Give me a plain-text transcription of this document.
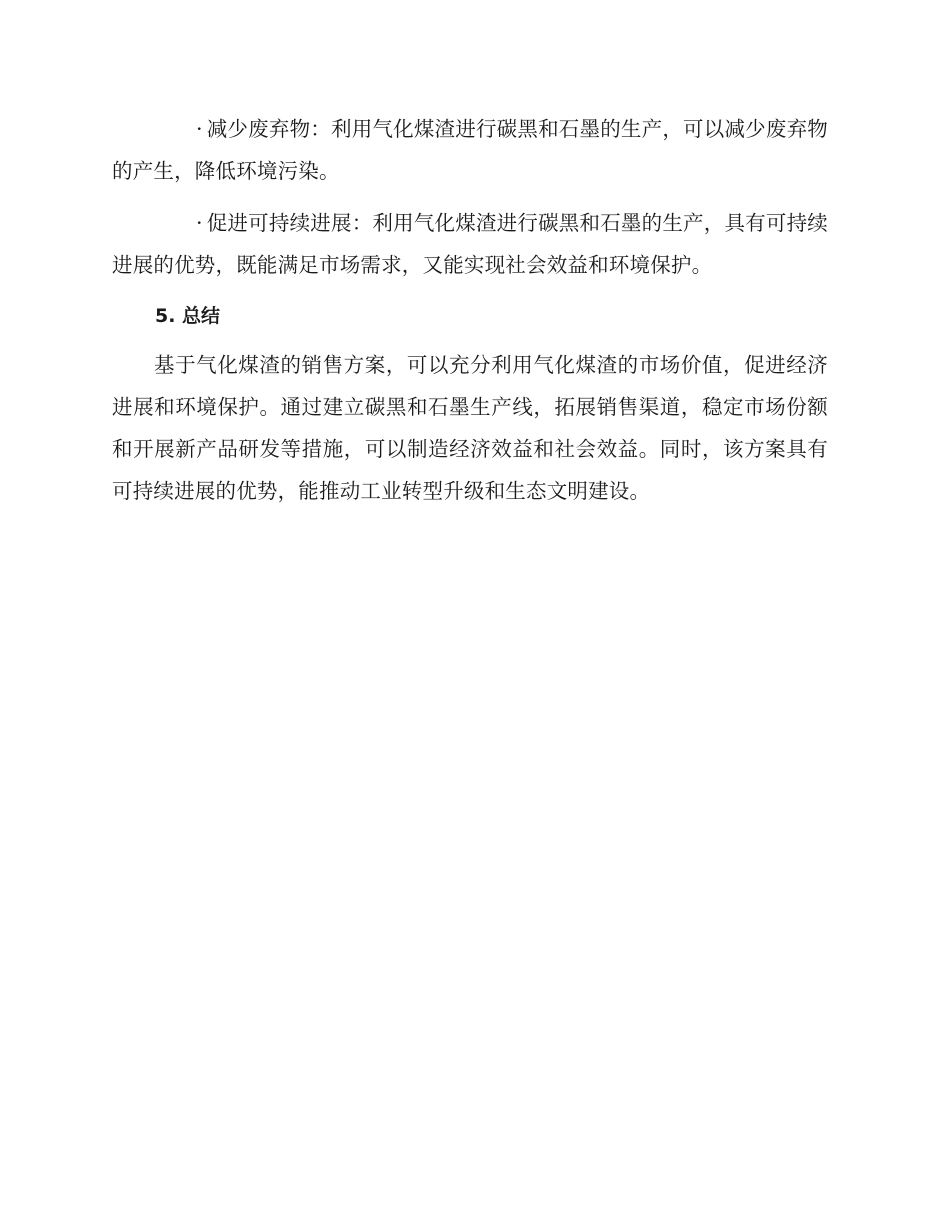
· 减少废弃物：利用气化煤渣进行碳黑和石墨的生产，可以减少废弃物的产生，降低环境污染。

· 促进可持续进展：利用气化煤渣进行碳黑和石墨的生产，具有可持续进展的优势，既能满足市场需求，又能实现社会效益和环境保护。

5. 总结

基于气化煤渣的销售方案，可以充分利用气化煤渣的市场价值，促进经济进展和环境保护。通过建立碳黑和石墨生产线，拓展销售渠道，稳定市场份额和开展新产品研发等措施，可以制造经济效益和社会效益。同时，该方案具有可持续进展的优势，能推动工业转型升级和生态文明建设。
